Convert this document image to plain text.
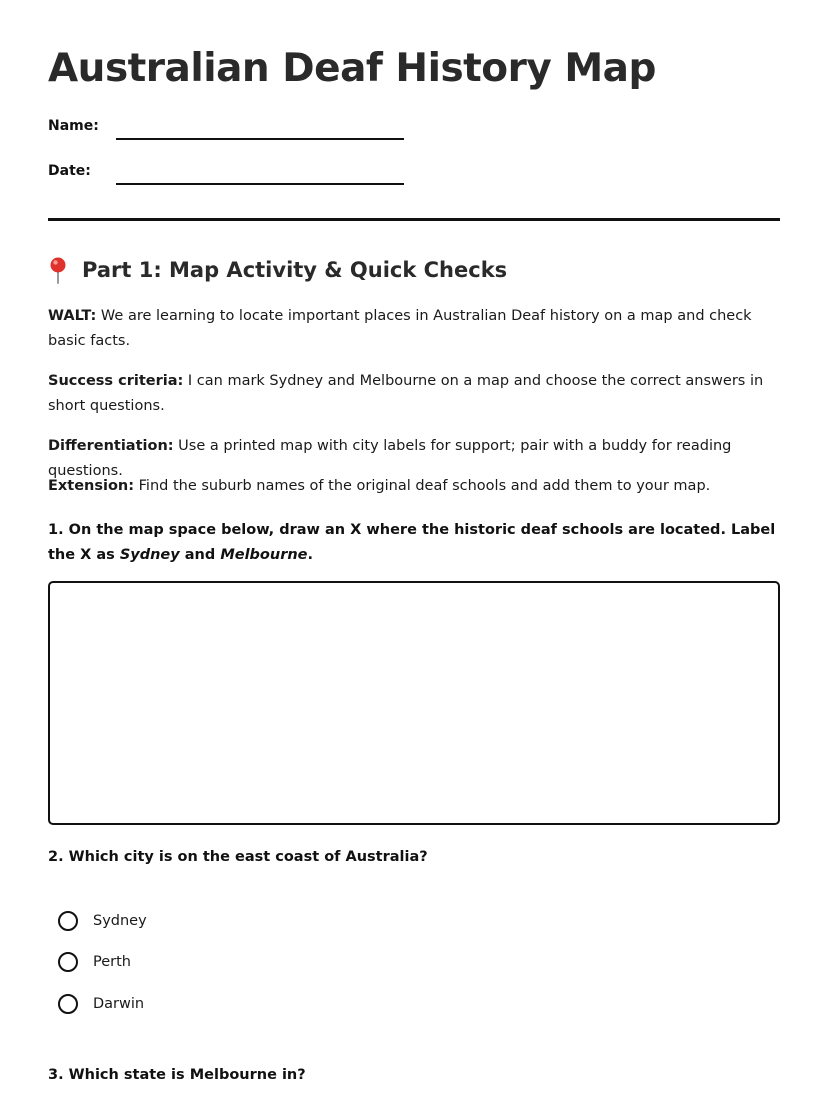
Australian Deaf History Map
Name:
Date:
Part 1: Map Activity & Quick Checks

WALT: We are learning to locate important places in Australian Deaf history on a map and check basic facts.

Success criteria: I can mark Sydney and Melbourne on a map and choose the correct answers in short questions.

Differentiation: Use a printed map with city labels for support; pair with a buddy for reading questions.

Extension: Find the suburb names of the original deaf schools and add them to your map.

1. On the map space below, draw an X where the historic deaf schools are located. Label the X as Sydney and Melbourne.

2. Which city is on the east coast of Australia?

Sydney
Perth
Darwin

3. Which state is Melbourne in?
